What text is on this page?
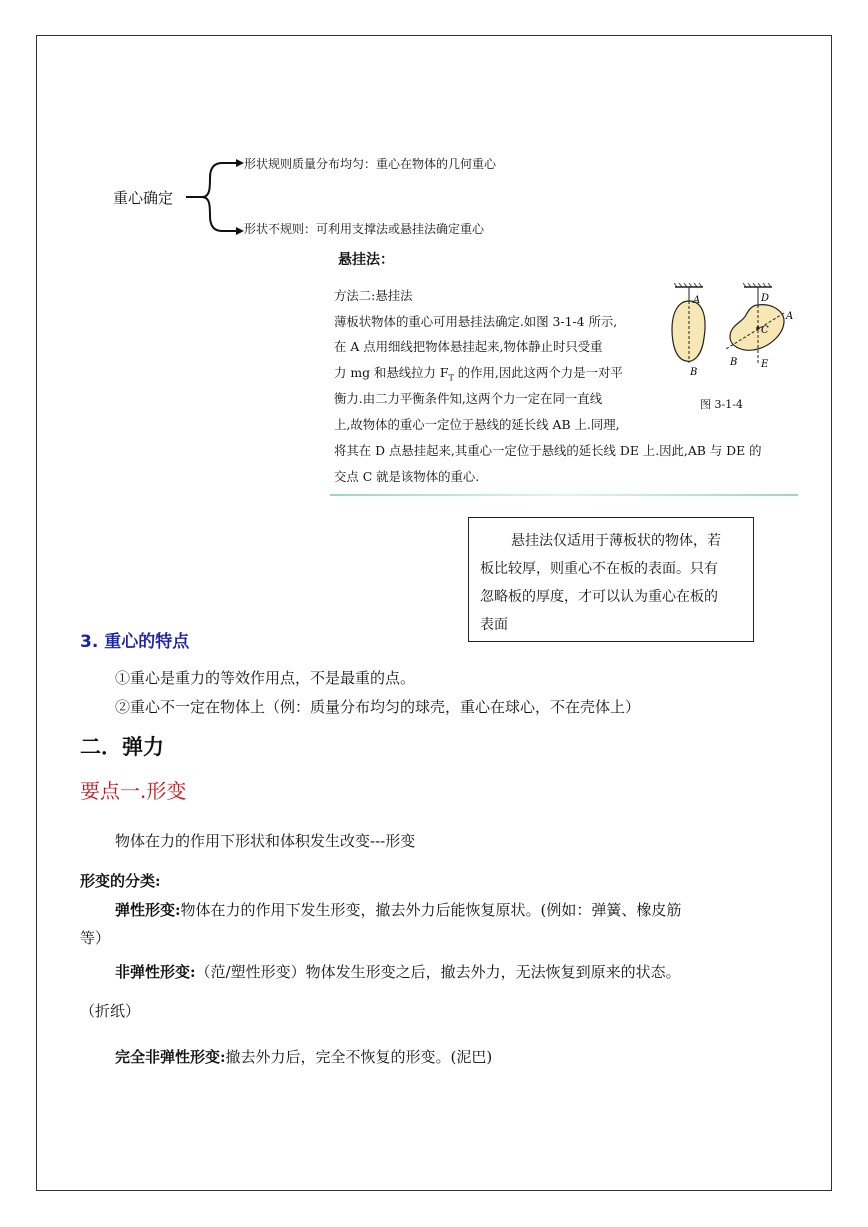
重心确定
形状规则质量分布均匀：重心在物体的几何重心
形状不规则：可利用支撑法或悬挂法确定重心
悬挂法：
方法二:悬挂法
薄板状物体的重心可用悬挂法确定.如图 3-1-4 所示,
在 A 点用细线把物体悬挂起来,物体静止时只受重
力 mg 和悬线拉力 $F_T$ 的作用,因此这两个力是一对平
衡力.由二力平衡条件知,这两个力一定在同一直线
上,故物体的重心一定位于悬线的延长线 AB 上.同理,
将其在 D 点悬挂起来,其重心一定位于悬线的延长线 DE 上.因此,AB 与 DE 的
交点 C 就是该物体的重心.
A
B
D
A
C
B E
图 3-1-4
悬挂法仅适用于薄板状的物体，若
板比较厚，则重心不在板的表面。只有
忽略板的厚度，才可以认为重心在板的
表面
3. 重心的特点
①重心是重力的等效作用点，不是最重的点。
②重心不一定在物体上（例：质量分布均匀的球壳，重心在球心，不在壳体上）
二．弹力
要点一.形变
物体在力的作用下形状和体积发生改变---形变
形变的分类:
弹性形变:物体在力的作用下发生形变，撤去外力后能恢复原状。(例如：弹簧、橡皮筋
等）
非弹性形变:（范/塑性形变）物体发生形变之后，撤去外力，无法恢复到原来的状态。
（折纸）
完全非弹性形变:撤去外力后，完全不恢复的形变。(泥巴)
